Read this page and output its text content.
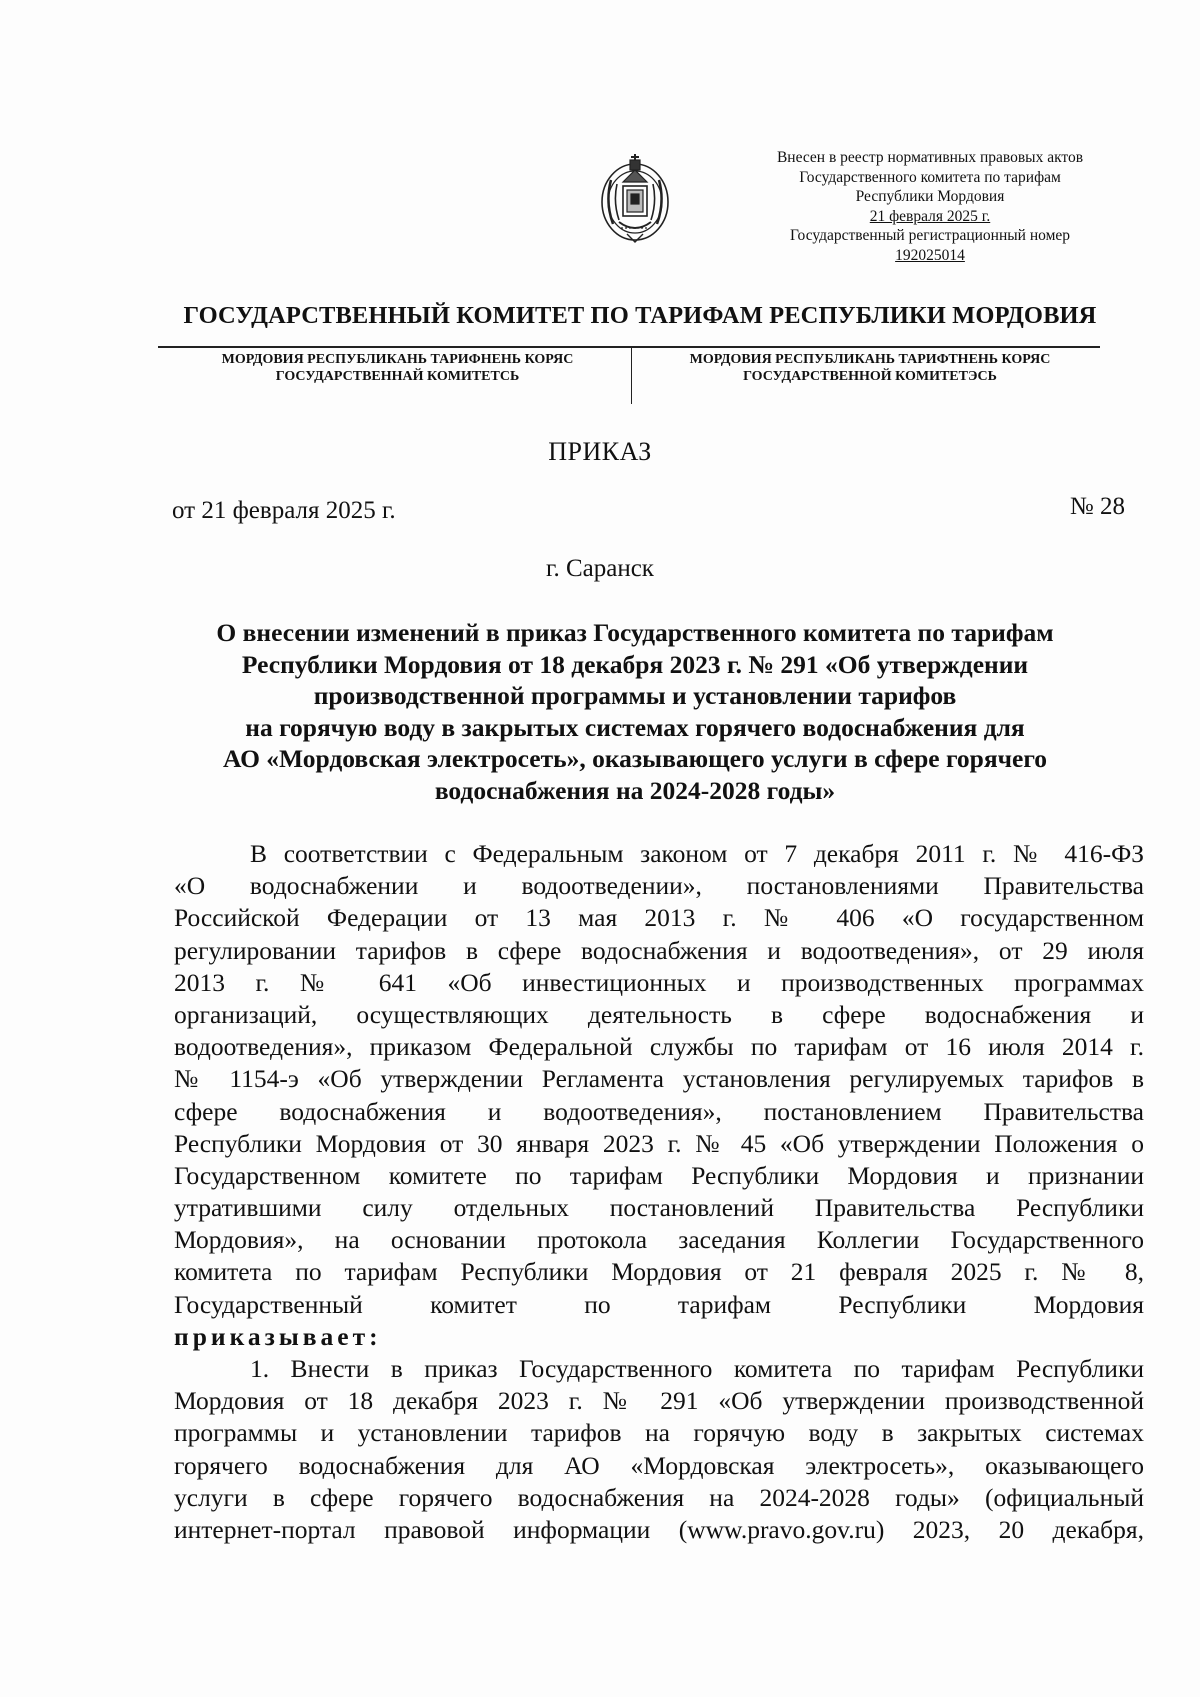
Внесен в реестр нормативных правовых актов
Государственного комитета по тарифам
Республики Мордовия
21 февраля 2025 г.
Государственный регистрационный номер
192025014
ГОСУДАРСТВЕННЫЙ КОМИТЕТ ПО ТАРИФАМ РЕСПУБЛИКИ МОРДОВИЯ
МОРДОВИЯ РЕСПУБЛИКАНЬ ТАРИФНЕНЬ КОРЯС
ГОСУДАРСТВЕННАЙ КОМИТЕТСЬ
МОРДОВИЯ РЕСПУБЛИКАНЬ ТАРИФТНЕНЬ КОРЯС
ГОСУДАРСТВЕННОЙ КОМИТЕТЭСЬ
ПРИКАЗ
от 21 февраля 2025 г.	№ 28
г. Саранск
О внесении изменений в приказ Государственного комитета по тарифам
Республики Мордовия от 18 декабря 2023 г. № 291 «Об утверждении
производственной программы и установлении тарифов
на горячую воду в закрытых системах горячего водоснабжения для
АО «Мордовская электросеть», оказывающего услуги в сфере горячего
водоснабжения на 2024-2028 годы»
В соответствии с Федеральным законом от 7 декабря 2011 г. № 416-ФЗ
«О водоснабжении и водоотведении», постановлениями Правительства
Российской Федерации от 13 мая 2013 г. № 406 «О государственном
регулировании тарифов в сфере водоснабжения и водоотведения», от 29 июля
2013 г. № 641 «Об инвестиционных и производственных программах
организаций, осуществляющих деятельность в сфере водоснабжения и
водоотведения», приказом Федеральной службы по тарифам от 16 июля 2014 г.
№ 1154-э «Об утверждении Регламента установления регулируемых тарифов в
сфере водоснабжения и водоотведения», постановлением Правительства
Республики Мордовия от 30 января 2023 г. № 45 «Об утверждении Положения о
Государственном комитете по тарифам Республики Мордовия и признании
утратившими силу отдельных постановлений Правительства Республики
Мордовия», на основании протокола заседания Коллегии Государственного
комитета по тарифам Республики Мордовия от 21 февраля 2025 г. № 8,
Государственный комитет по тарифам Республики Мордовия
приказывает:
1. Внести в приказ Государственного комитета по тарифам Республики
Мордовия от 18 декабря 2023 г. № 291 «Об утверждении производственной
программы и установлении тарифов на горячую воду в закрытых системах
горячего водоснабжения для АО «Мордовская электросеть», оказывающего
услуги в сфере горячего водоснабжения на 2024-2028 годы» (официальный
интернет-портал правовой информации (www.pravo.gov.ru) 2023, 20 декабря,
